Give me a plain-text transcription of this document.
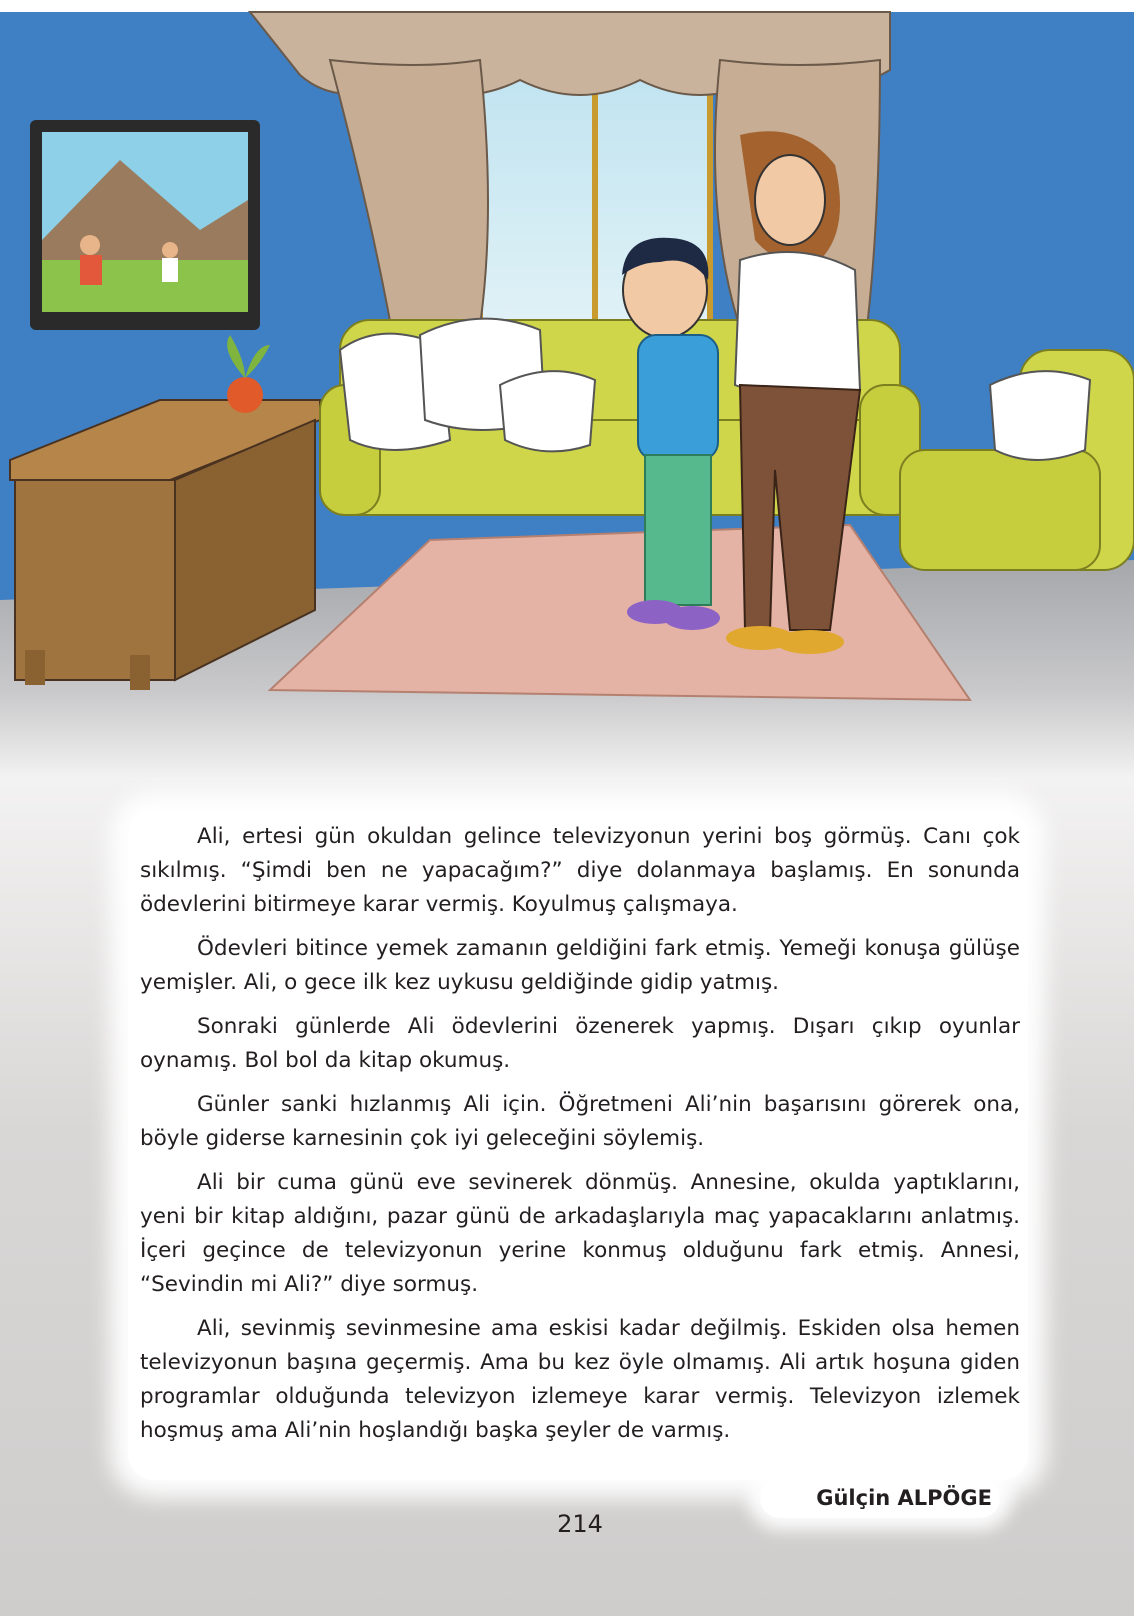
Ali, ertesi gün okuldan gelince televizyonun yerini boş görmüş. Canı çok sıkılmış. “Şimdi ben ne yapacağım?” diye dolanmaya başlamış. En sonunda ödevlerini bitirmeye karar vermiş. Koyulmuş çalışmaya.

Ödevleri bitince yemek zamanın geldiğini fark etmiş. Yemeği konuşa gülüşe yemişler. Ali, o gece ilk kez uykusu geldiğinde gidip yatmış.

Sonraki günlerde Ali ödevlerini özenerek yapmış. Dışarı çıkıp oyunlar oynamış. Bol bol da kitap okumuş.

Günler sanki hızlanmış Ali için. Öğretmeni Ali’nin başarısını görerek ona, böyle giderse karnesinin çok iyi geleceğini söylemiş.

Ali bir cuma günü eve sevinerek dönmüş. Annesine, okulda yaptıklarını, yeni bir kitap aldığını, pazar günü de arkadaşlarıyla maç yapacaklarını anlatmış. İçeri geçince de televizyonun yerine konmuş olduğunu fark etmiş. Annesi, “Sevindin mi Ali?” diye sormuş.

Ali, sevinmiş sevinmesine ama eskisi kadar değilmiş. Eskiden olsa hemen televizyonun başına geçermiş. Ama bu kez öyle olmamış. Ali artık hoşuna giden programlar olduğunda televizyon izlemeye karar vermiş. Televizyon izlemek hoşmuş ama Ali’nin hoşlandığı başka şeyler de varmış.

Gülçin ALPÖGE
214
